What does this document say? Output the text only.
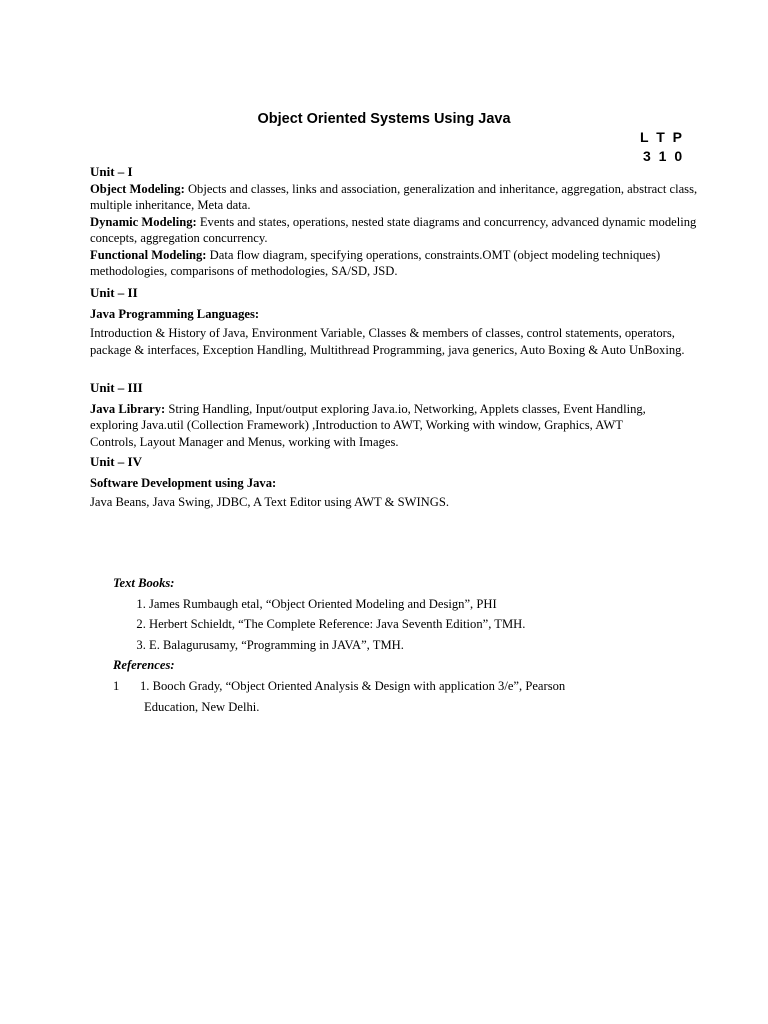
Object Oriented Systems Using Java
L T P
3 1 0
Unit – I

Object Modeling: Objects and classes, links and association, generalization and inheritance, aggregation, abstract class, multiple inheritance, Meta data.

Dynamic Modeling: Events and states, operations, nested state diagrams and concurrency, advanced dynamic modeling concepts, aggregation concurrency.

Functional Modeling: Data flow diagram, specifying operations, constraints.OMT (object modeling techniques) methodologies, comparisons of methodologies, SA/SD, JSD.

Unit – II
Java Programming Languages:

Introduction & History of Java, Environment Variable, Classes & members of classes, control statements, operators, package & interfaces, Exception Handling, Multithread Programming, java generics, Auto Boxing & Auto UnBoxing.

Unit – III

Java Library: String Handling, Input/output exploring Java.io, Networking, Applets classes, Event Handling, exploring Java.util (Collection Framework) ,Introduction to AWT, Working with window, Graphics, AWT Controls, Layout Manager and Menus, working with Images.

Unit – IV
Software Development using Java:

Java Beans, Java Swing, JDBC, A Text Editor using AWT & SWINGS.

Text Books:
1. James Rumbaugh etal, “Object Oriented Modeling and Design”, PHI
2. Herbert Schieldt, “The Complete Reference: Java Seventh Edition”, TMH.
3. E. Balagurusamy, “Programming in JAVA”, TMH.
References:
1 1. Booch Grady, “Object Oriented Analysis & Design with application 3/e”, Pearson
Education, New Delhi.
